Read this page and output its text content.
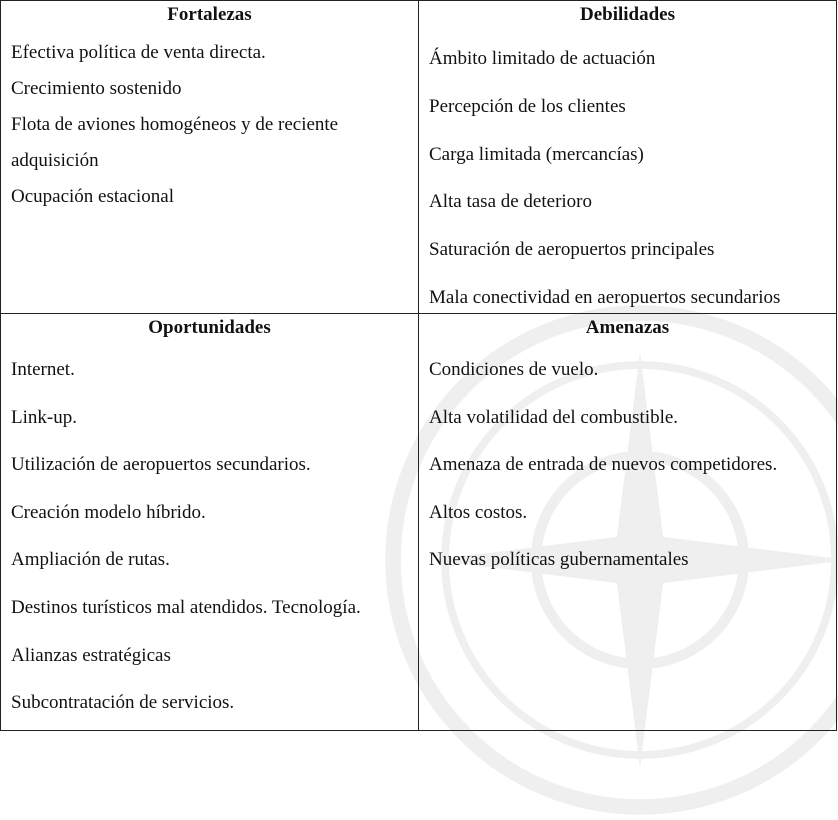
Fortalezas
Efectiva política de venta directa.
Crecimiento sostenido
Flota de aviones homogéneos y de reciente
adquisición
Ocupación estacional
Debilidades
Ámbito limitado de actuación
Percepción de los clientes
Carga limitada (mercancías)
Alta tasa de deterioro
Saturación de aeropuertos principales
Mala conectividad en aeropuertos secundarios
Oportunidades
Internet.
Link-up.
Utilización de aeropuertos secundarios.
Creación modelo híbrido.
Ampliación de rutas.
Destinos turísticos mal atendidos. Tecnología.
Alianzas estratégicas
Subcontratación de servicios.
Amenazas
Condiciones de vuelo.
Alta volatilidad del combustible.
Amenaza de entrada de nuevos competidores.
Altos costos.
Nuevas políticas gubernamentales
